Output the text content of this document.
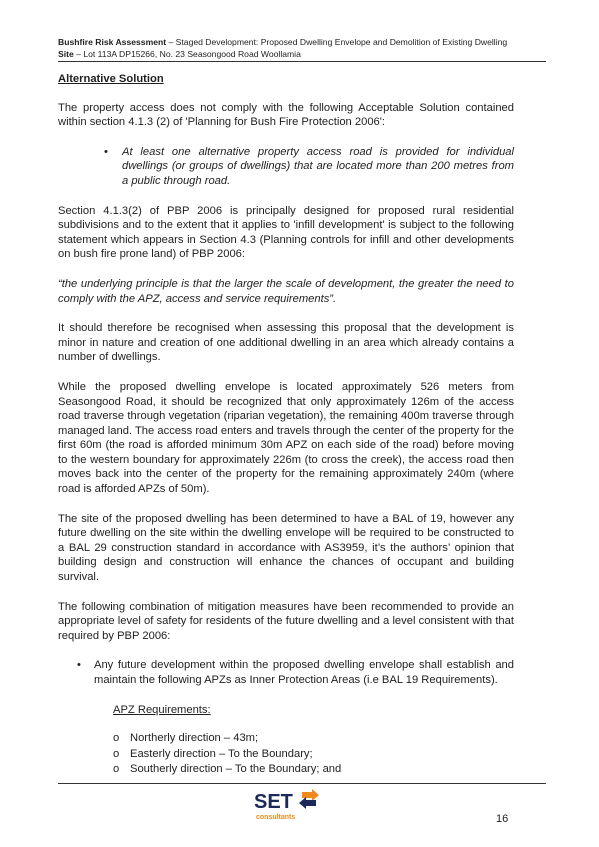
Bushfire Risk Assessment – Staged Development: Proposed Dwelling Envelope and Demolition of Existing Dwelling
Site – Lot 113A DP15266, No. 23 Seasongood Road Woollamia
Alternative Solution

The property access does not comply with the following Acceptable Solution contained within section 4.1.3 (2) of 'Planning for Bush Fire Protection 2006':

• At least one alternative property access road is provided for individual dwellings (or groups of dwellings) that are located more than 200 metres from a public through road.

Section 4.1.3(2) of PBP 2006 is principally designed for proposed rural residential subdivisions and to the extent that it applies to 'infill development' is subject to the following statement which appears in Section 4.3 (Planning controls for infill and other developments on bush fire prone land) of PBP 2006:

“the underlying principle is that the larger the scale of development, the greater the need to comply with the APZ, access and service requirements”.

It should therefore be recognised when assessing this proposal that the development is minor in nature and creation of one additional dwelling in an area which already contains a number of dwellings.

While the proposed dwelling envelope is located approximately 526 meters from Seasongood Road, it should be recognized that only approximately 126m of the access road traverse through vegetation (riparian vegetation), the remaining 400m traverse through managed land. The access road enters and travels through the center of the property for the first 60m (the road is afforded minimum 30m APZ on each side of the road) before moving to the western boundary for approximately 226m (to cross the creek), the access road then moves back into the center of the property for the remaining approximately 240m (where road is afforded APZs of 50m).

The site of the proposed dwelling has been determined to have a BAL of 19, however any future dwelling on the site within the dwelling envelope will be required to be constructed to a BAL 29 construction standard in accordance with AS3959, it’s the authors’ opinion that building design and construction will enhance the chances of occupant and building survival.

The following combination of mitigation measures have been recommended to provide an appropriate level of safety for residents of the future dwelling and a level consistent with that required by PBP 2006:

• Any future development within the proposed dwelling envelope shall establish and maintain the following APZs as Inner Protection Areas (i.e BAL 19 Requirements).
APZ Requirements:
o Northerly direction – 43m;
o Easterly direction – To the Boundary;
o Southerly direction – To the Boundary; and
SET
consultants	16
